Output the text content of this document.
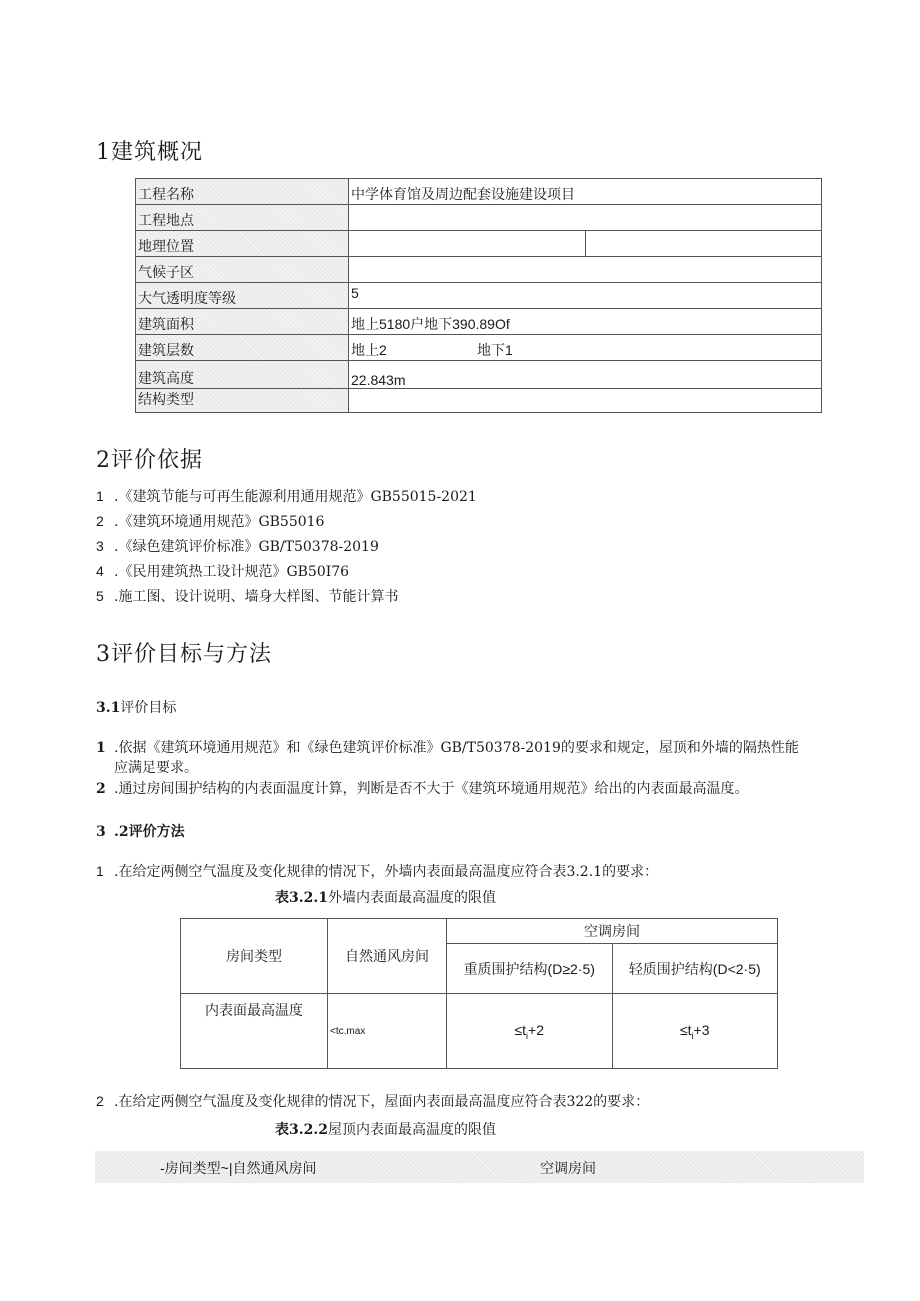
1建筑概况
工程名称	中学体育馆及周边配套设施建设项目	
工程地点		
地理位置		
气候子区		
大气透明度等级	5	
建筑面积	地上5180户地下390.89Of	
建筑层数	地上2 地下1	
建筑高度	22.843m	
结构类型		
2评价依据
1 .《建筑节能与可再生能源利用通用规范》GB55015-2021
2 .《建筑环境通用规范》GB55016
3 .《绿色建筑评价标准》GB/T50378-2019
4 .《民用建筑热工设计规范》GB50I76
5 .施工图、设计说明、墙身大样图、节能计算书
3评价目标与方法
3.1评价目标
1 .依据《建筑环境通用规范》和《绿色建筑评价标准》GB/T50378-2019的要求和规定，屋顶和外墙的隔热性能
应满足要求。
2 .通过房间围护结构的内表面温度计算，判断是否不大于《建筑环境通用规范》给出的内表面最高温度。
3 .2评价方法
1 .在给定两侧空气温度及变化规律的情况下，外墙内表面最高温度应符合表3.2.1的要求：
表3.2.1外墙内表面最高温度的限值
房间类型	自然通风房间	空调房间	
		重质围护结构(D≥2·5)	轻质围护结构(D<2·5)
内表面最高温度	<tc.max	$\le t_i+2$	$\le t_i+3$
2 .在给定两侧空气温度及变化规律的情况下，屋面内表面最高温度应符合表322的要求：
表3.2.2屋顶内表面最高温度的限值
-房间类型~|自然通风房间	空调房间
